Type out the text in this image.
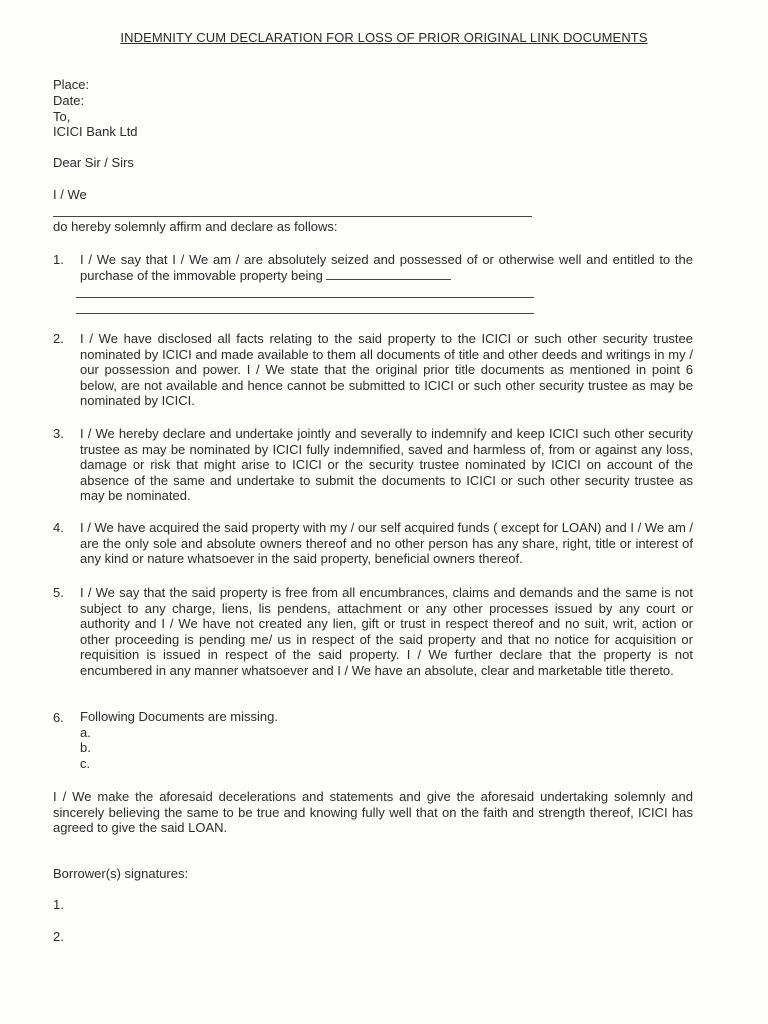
INDEMNITY CUM DECLARATION FOR LOSS OF PRIOR ORIGINAL LINK DOCUMENTS
Place:
Date:
To,
ICICI Bank Ltd
Dear Sir / Sirs
I / We
do hereby solemnly affirm and declare as follows:
1. I / We say that I / We am / are absolutely seized and possessed of or otherwise well and entitled to the purchase of the immovable property being
2. I / We have disclosed all facts relating to the said property to the ICICI or such other security trustee nominated by ICICI and made available to them all documents of title and other deeds and writings in my / our possession and power. I / We state that the original prior title documents as mentioned in point 6 below, are not available and hence cannot be submitted to ICICI or such other security trustee as may be nominated by ICICI.
3. I / We hereby declare and undertake jointly and severally to indemnify and keep ICICI such other security trustee as may be nominated by ICICI fully indemnified, saved and harmless of, from or against any loss, damage or risk that might arise to ICICI or the security trustee nominated by ICICI on account of the absence of the same and undertake to submit the documents to ICICI or such other security trustee as may be nominated.
4. I / We have acquired the said property with my / our self acquired funds ( except for LOAN) and I / We am / are the only sole and absolute owners thereof and no other person has any share, right, title or interest of any kind or nature whatsoever in the said property, beneficial owners thereof.
5. I / We say that the said property is free from all encumbrances, claims and demands and the same is not subject to any charge, liens, lis pendens, attachment or any other processes issued by any court or authority and I / We have not created any lien, gift or trust in respect thereof and no suit, writ, action or other proceeding is pending me/ us in respect of the said property and that no notice for acquisition or requisition is issued in respect of the said property. I / We further declare that the property is not encumbered in any manner whatsoever and I / We have an absolute, clear and marketable title thereto.
6. Following Documents are missing.
a.
b.
c.
I / We make the aforesaid decelerations and statements and give the aforesaid undertaking solemnly and sincerely believing the same to be true and knowing fully well that on the faith and strength thereof, ICICI has agreed to give the said LOAN.
Borrower(s) signatures:
1.
2.
